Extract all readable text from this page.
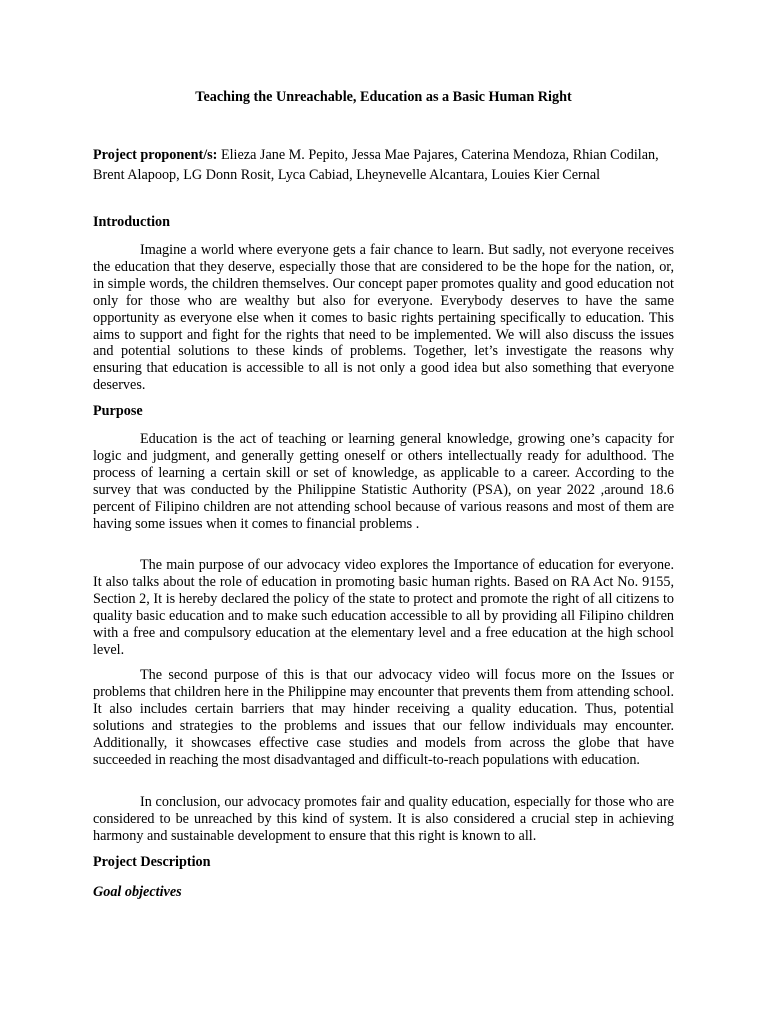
Teaching the Unreachable, Education as a Basic Human Right
Project proponent/s: Elieza Jane M. Pepito, Jessa Mae Pajares, Caterina Mendoza, Rhian Codilan, Brent Alapoop, LG Donn Rosit, Lyca Cabiad, Lheynevelle Alcantara, Louies Kier Cernal
Introduction

Imagine a world where everyone gets a fair chance to learn. But sadly, not everyone receives the education that they deserve, especially those that are considered to be the hope for the nation, or, in simple words, the children themselves. Our concept paper promotes quality and good education not only for those who are wealthy but also for everyone. Everybody deserves to have the same opportunity as everyone else when it comes to basic rights pertaining specifically to education. This aims to support and fight for the rights that need to be implemented. We will also discuss the issues and potential solutions to these kinds of problems. Together, let’s investigate the reasons why ensuring that education is accessible to all is not only a good idea but also something that everyone deserves.

Purpose

Education is the act of teaching or learning general knowledge, growing one’s capacity for logic and judgment, and generally getting oneself or others intellectually ready for adulthood. The process of learning a certain skill or set of knowledge, as applicable to a career. According to the survey that was conducted by the Philippine Statistic Authority (PSA), on year 2022 ,around 18.6 percent of Filipino children are not attending school because of various reasons and most of them are having some issues when it comes to financial problems .

The main purpose of our advocacy video explores the Importance of education for everyone. It also talks about the role of education in promoting basic human rights. Based on RA Act No. 9155, Section 2, It is hereby declared the policy of the state to protect and promote the right of all citizens to quality basic education and to make such education accessible to all by providing all Filipino children with a free and compulsory education at the elementary level and a free education at the high school level.

The second purpose of this is that our advocacy video will focus more on the Issues or problems that children here in the Philippine may encounter that prevents them from attending school. It also includes certain barriers that may hinder receiving a quality education. Thus, potential solutions and strategies to the problems and issues that our fellow individuals may encounter. Additionally, it showcases effective case studies and models from across the globe that have succeeded in reaching the most disadvantaged and difficult-to-reach populations with education.

In conclusion, our advocacy promotes fair and quality education, especially for those who are considered to be unreached by this kind of system. It is also considered a crucial step in achieving harmony and sustainable development to ensure that this right is known to all.

Project Description
Goal objectives
